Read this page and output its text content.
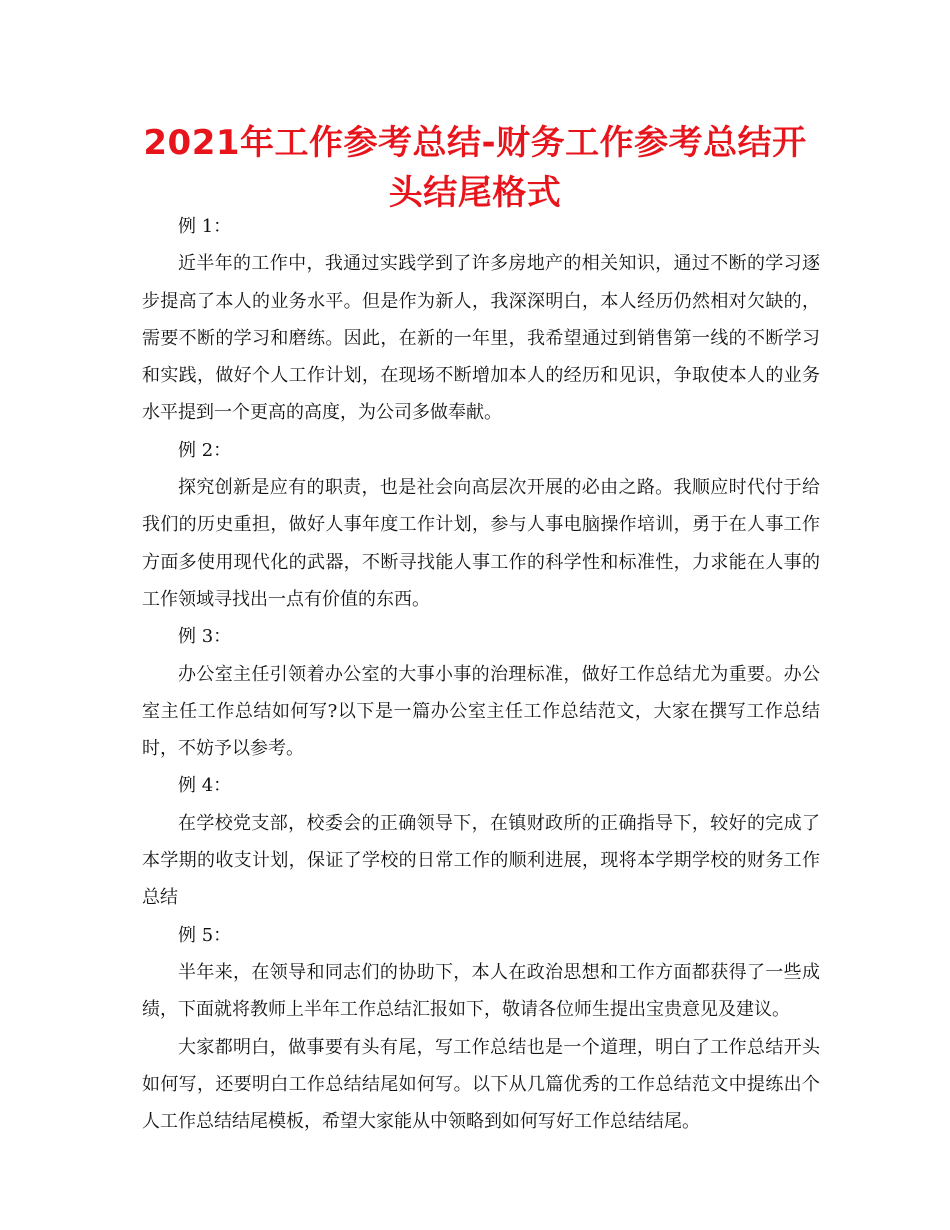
2021年工作参考总结-财务工作参考总结开头结尾格式

例 1：

近半年的工作中，我通过实践学到了许多房地产的相关知识，通过不断的学习逐步提高了本人的业务水平。但是作为新人，我深深明白，本人经历仍然相对欠缺的，需要不断的学习和磨练。因此，在新的一年里，我希望通过到销售第一线的不断学习和实践，做好个人工作计划，在现场不断增加本人的经历和见识，争取使本人的业务水平提到一个更高的高度，为公司多做奉献。

例 2：

探究创新是应有的职责，也是社会向高层次开展的必由之路。我顺应时代付于给我们的历史重担，做好人事年度工作计划，参与人事电脑操作培训，勇于在人事工作方面多使用现代化的武器，不断寻找能人事工作的科学性和标准性，力求能在人事的工作领域寻找出一点有价值的东西。

例 3：

办公室主任引领着办公室的大事小事的治理标准，做好工作总结尤为重要。办公室主任工作总结如何写?以下是一篇办公室主任工作总结范文，大家在撰写工作总结时，不妨予以参考。

例 4：

在学校党支部，校委会的正确领导下，在镇财政所的正确指导下，较好的完成了本学期的收支计划，保证了学校的日常工作的顺利进展，现将本学期学校的财务工作总结

例 5：

半年来，在领导和同志们的协助下，本人在政治思想和工作方面都获得了一些成绩，下面就将教师上半年工作总结汇报如下，敬请各位师生提出宝贵意见及建议。

大家都明白，做事要有头有尾，写工作总结也是一个道理，明白了工作总结开头如何写，还要明白工作总结结尾如何写。以下从几篇优秀的工作总结范文中提练出个人工作总结结尾模板，希望大家能从中领略到如何写好工作总结结尾。
